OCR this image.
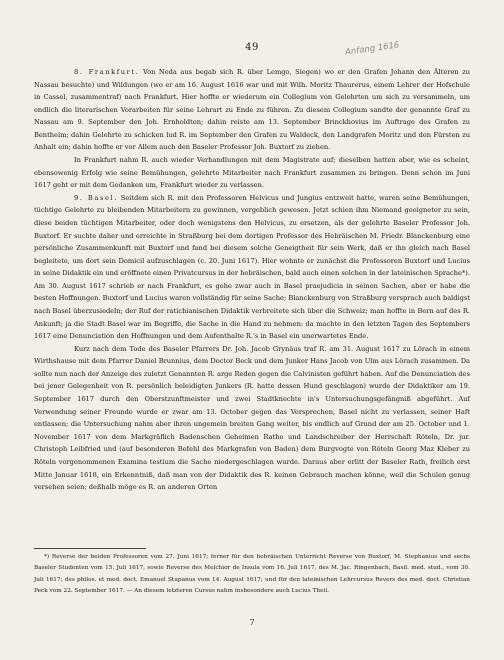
49	Anfang 1616

8. Frankfurt. Von Neda aus begab sich R. über Lemgo, Siegen) wo er den Grafen Johann den Älteren zu Nassau besuchte) und Wildungen (wo er am 16. August 1616 war und mit Wilh. Moritz Thaurerus, einem Lehrer der Hofschule in Cassel, zusammentraf) nach Frankfurt. Hier hoffte er wiederum ein Collegium von Gelehrten um sich zu versammeln, um endlich die literarischen Vorarbeiten für seine Lehrart zu Ende zu führen. Zu diesem Collegium sandte der genannte Graf zu Nassau am 9. September den Joh. Ernholdten; dahin reiste am 13. September Brinckhovius im Auftrage des Grafen zu Bentheim; dahin Gelehrte zu schicken lud R. im September den Grafen zu Waldeck, den Landgrafen Moritz und den Fürsten zu Anhalt ein; dahin hoffte er vor Allem auch den Baseler Professor Joh. Buxtorf zu ziehen.

In Frankfurt nahm R. auch wieder Verhandlungen mit dem Magistrate auf; dieselben hatten aber, wie es scheint, ebensowenig Erfolg wie seine Bemühungen, gelehrte Mitarbeiter nach Frankfurt zusammen zu bringen. Denn schon im Juni 1617 geht er mit dem Gedanken um, Frankfurt wieder zu verlassen.

9. Basel. Seitdem sich R. mit den Professoren Helvicus und Jungius entzweit hatte, waren seine Bemühungen, tüchtige Gelehrte zu bleibenden Mitarbeitern zu gewinnen, vergeblich gewesen. Jetzt schien ihm Niemand geeigneter zu sein, diese beiden tüchtigen Mitarbeiter, oder doch wenigstens den Helvicus, zu ersetzen, als der gelehrte Baseler Professor Joh. Buxtorf. Er suchte daher und erreichte in Straßburg bei dem dortigen Professor des Hebräischen M. Friedr. Blanckenburg eine persönliche Zusammenkunft mit Buxtorf und fand bei diesem solche Geneigtheit für sein Werk, daß er ihn gleich nach Basel begleitete, um dort sein Domicil aufzuschlagen (c. 20. Juni 1617). Hier wohnte er zunächst die Professoren Buxtorf und Lucius in seine Didaktik ein und eröffnete einen Privatcursus in der hebräischen, bald auch einen solchen in der lateinischen Sprache*). Am 30. August 1617 schrieb er nach Frankfurt, es gehe zwar auch in Basel praejudicia in seinen Sachen, aber er habe die besten Hoffnungen. Buxtorf und Lucius waren vollständig für seine Sache; Blanckenburg von Straßburg versprach auch baldigst nach Basel überzusiedeln; der Ruf der ratichianischen Didaktik verbreitete sich über die Schweiz; man hoffte in Bern auf des R. Ankunft; ja die Stadt Basel war im Begriffe, die Sache in die Hand zu nehmen: da machte in den letzten Tagen des Septembers 1617 eine Denunciation den Hoffnungen und dem Aufenthalte R.'s in Basel ein unerwartetes Ende.

Kurz nach dem Tode des Baseler Pfarrers Dr. Joh. Jacob Grynäus traf R. am 31. August 1617 zu Lörach in einem Wirthshause mit dem Pfarrer Daniel Brunnius, dem Doctor Beck und dem Junker Hans Jacob von Ulm aus Lörach zusammen. Da sollte nun nach der Anzeige des zuletzt Genannten R. arge Reden gegen die Calvinisten geführt haben. Auf die Denunciation des bei jener Gelegenheit von R. persönlich beleidigten Junkers (R. hatte dessen Hund geschlagen) wurde der Didaktiker am 19. September 1617 durch den Oberstzunftmeister und zwei Stadtknechte in's Untersuchungsgefängniß abgeführt. Auf Verwendung seiner Freunde wurde er zwar am 13. October gegen das Versprechen, Basel nicht zu verlassen, seiner Haft entlassen; die Untersuchung nahm aber ihren ungemein breiten Gang weiter, bis endlich auf Grund der am 25. October und 1. November 1617 von dem Markgräflich Badenschen Geheimen Rathe und Landschreiber der Herrschaft Röteln, Dr. jur. Christoph Leibfried und (auf besonderen Befehl des Markgrafen von Baden) dem Burgvogte von Röteln Georg Maz Kleber zu Röteln vorgenommenen Examina testium die Sache niedergeschlagen wurde. Daraus aber erlitt der Baseler Rath, freilich erst Mitte Januar 1618, ein Erkenntniß, daß man von der Didaktik des R. keinen Gebrauch machen könne, weil die Schulen genug versehen seien; deßhalb möge es R. an anderen Orten

*) Reverse der beiden Professoren vom 27. Juni 1617; ferner für den hebräischen Unterricht Reverse von Buxtorf, M. Stephanius und sechs Baseler Studenten vom 15. Juli 1617, sowie Reverse des Melchior de Insula vom 16. Juli 1617, des M. Jac. Ringenbach, Basil. med. stud., vom 30. Juli 1617; des philos. et med. doct. Emanuel Stupanus vom 14. August 1617; und für den lateinischen Lehrcursus Revers des med. doct. Christian Peck vom 22. September 1617. — An diesem letzteren Cursus nahm insbesondere auch Lucius Theil.

7
